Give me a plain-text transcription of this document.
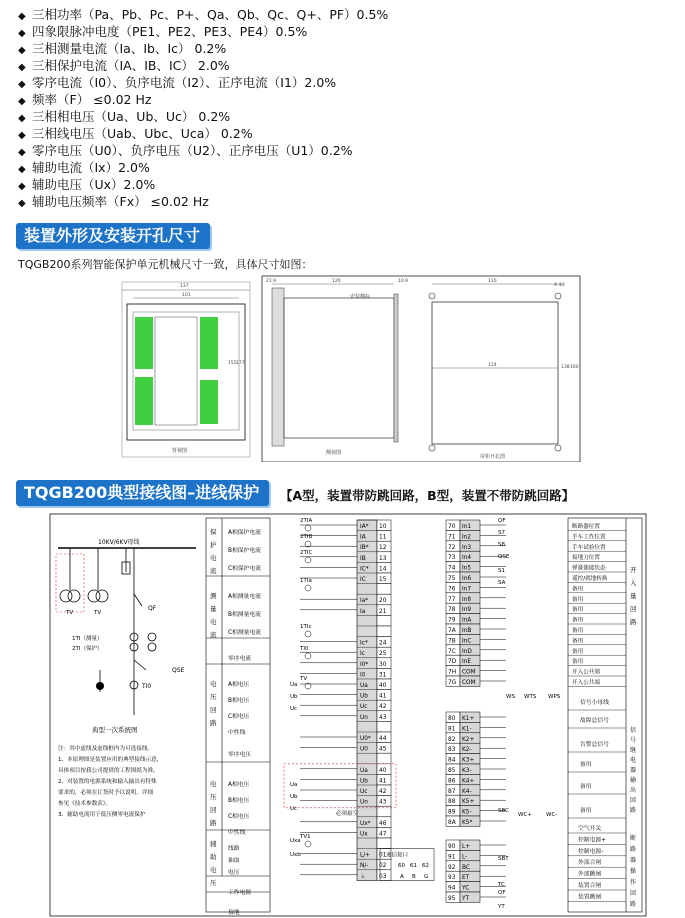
◆ 三相功率（Pa、Pb、Pc、P+、Qa、Qb、Qc、Q+、PF）0.5%
◆ 四象限脉冲电度（PE1、PE2、PE3、PE4）0.5%
◆ 三相测量电流（Ia、Ib、Ic） 0.2%
◆ 三相保护电流（IA、IB、IC） 2.0%
◆ 零序电流（I0）、负序电流（I2）、正序电流（I1）2.0%
◆ 频率（F） ≤0.02 Hz
◆ 三相相电压（Ua、Ub、Uc） 0.2%
◆ 三相线电压（Uab、Ubc、Uca） 0.2%
◆ 零序电压（U0）、负序电压（U2）、正序电压（U1）0.2%
◆ 辅助电流（Ix）2.0%
◆ 辅助电压（Ux）2.0%
◆ 辅助电压频率（Fx） ≤0.02 Hz
装置外形及安装开孔尺寸
TQGB200系列智能保护单元机械尺寸一致，具体尺寸如图：
137
101
155 177
背视图
21.9	120	10.9
安装横标
侧视图
110
124	138 160
4-Φ4
屏柜开孔图
TQGB200典型接线图–进线保护	【A型，装置带防跳回路，B型，装置不带防跳回路】
10KV/6KV母线
TV	TV
QF
1TI（测量）
2TI（保护）
QSE
TI0
典型一次系统图
注：其中虚线及虚线框内为可选接线。
1、本原理图是装置应用的典型接线示意，
具体项目按我公司提供的工程图纸为准。
2、对装置的电源系统和输入输出有特殊
要求的，必须在订货时予以说明，详细
参见《技术参数表》。
3、辅助电流用于低压侧零电流保护
A相保护电流
B相保护电流
C相保护电流
A相测量电流
B相测量电流
C相测量电流
零序电流
A相电压
B相电压
C相电压
中性线
零序电压
A相电压
B相电压
C相电压
中性线
线路
抽取
电压
工作电源
接地
保
护
电
流
测
量
电
流
电
压
回
路
电
压
回
路
辅
助
电
压
2TIA
2TIB
2TIC
1TIa
1TIc
TI0
TV
TV1
Ua
Ub
Uc
Ua
Ub
Uc
Uxa
Uxb
IA* 10
IA 11
IB* 12
IB 13
IC* 14
IC 15
Ia* 20
Ia 21
Ic* 24
Ic 25
I0* 30
I0 31
Ua 40
Ub 41
Uc 42
Un 43
U0* 44
U0 45
Ua 40
Ub 41
Uc 42
Un 43
Ux* 46
Ux 47
L/+ 01
N/- 02
⏚ 03
必须悬空
通信接口
60
A
61
B
62
G
70 In1
71 In2
72 In3
73 In4
74 In5
75 In6
76 In7
77 In8
78 In9
79 InA
7A InB
7B InC
7C InD
7D InE
7H COM
7G COM
80 K1+
81 K1-
82 K2+
83 K2-
84 K3+
85 K3-
86 K4+
87 K4-
88 K5+
89 K5-
8A K5*
90 L+
91 L-
92 BC
93 ET
94 YC
95 YT
QF
S7
S8
QSE
S1
SA
SBC
SBT
QF
TC
YT
WS WTS WPS
WC+	WC-
断路器位置
手车工作位置
手车试验位置
接地刀位置
弹簧储能状态
遥控/就地转换
备用
备用
备用
备用
备用
备用
备用
备用
开入公共端
开入公共端
开
入
量
回
路
信号小母线
故障总信号
告警总信号
备用
备用
备用
信
号
继
电
器
输
出
回
路
空气开关
控制电源+
控制电源-
外部合闸
外部跳闸
装置合闸
装置跳闸
断
路
器
操
作
回
路
